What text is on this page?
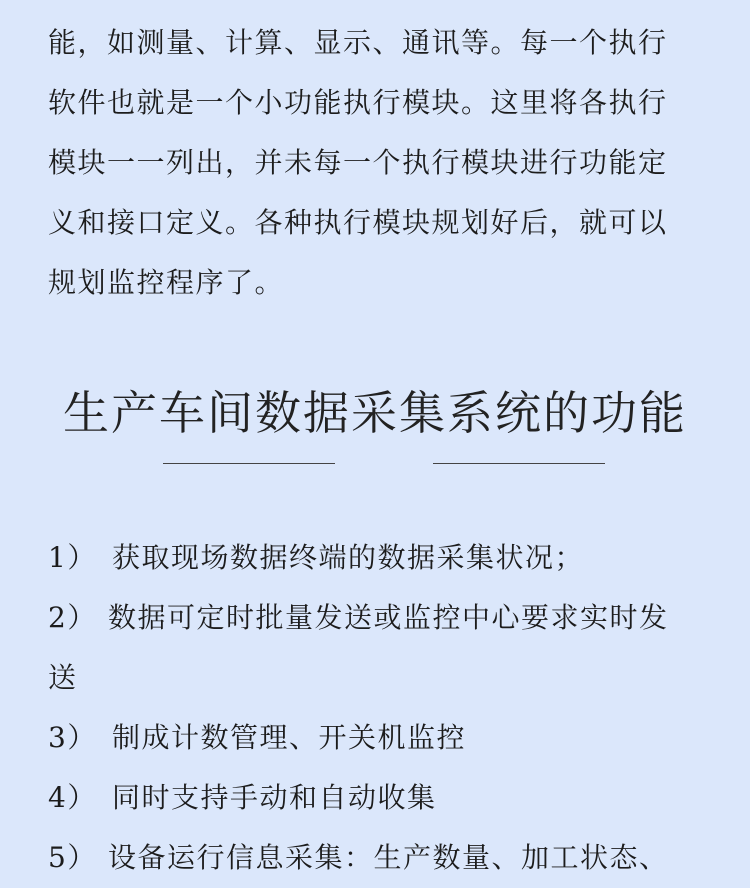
能，如测量、计算、显示、通讯等。每一个执行
软件也就是一个小功能执行模块。这里将各执行
模块一一列出，并未每一个执行模块进行功能定
义和接口定义。各种执行模块规划好后，就可以
规划监控程序了。
生产车间数据采集系统的功能
1） 获取现场数据终端的数据采集状况；
2） 数据可定时批量发送或监控中心要求实时发
送
3） 制成计数管理、开关机监控
4） 同时支持手动和自动收集
5） 设备运行信息采集：生产数量、加工状态、
